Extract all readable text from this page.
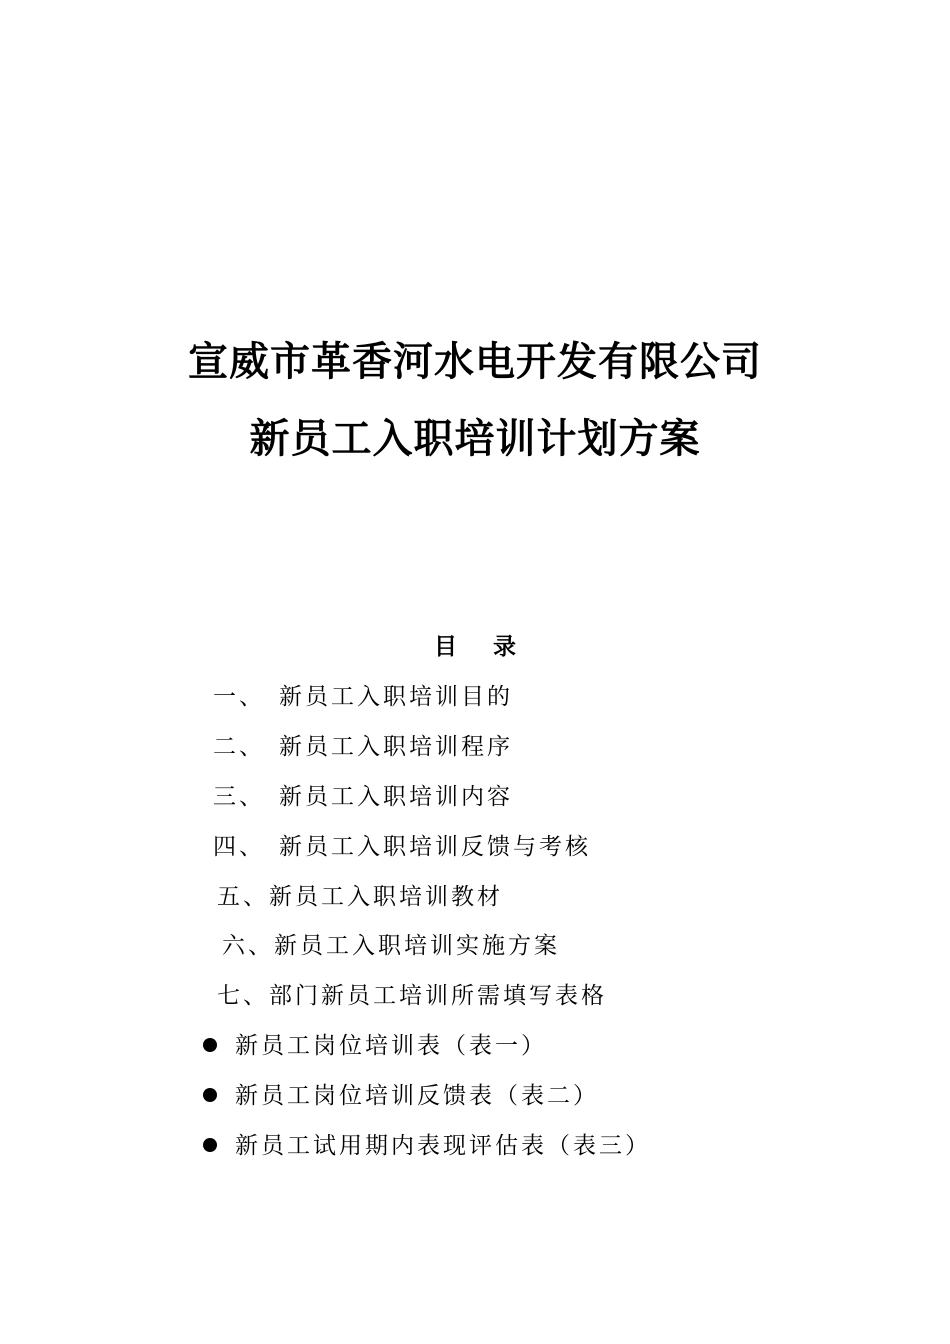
宣威市革香河水电开发有限公司
新员工入职培训计划方案
目 录
一、 新员工入职培训目的
二、 新员工入职培训程序
三、 新员工入职培训内容
四、 新员工入职培训反馈与考核
五、新员工入职培训教材
六、新员工入职培训实施方案
七、部门新员工培训所需填写表格
新员工岗位培训表（表一）
新员工岗位培训反馈表（表二）
新员工试用期内表现评估表（表三）
